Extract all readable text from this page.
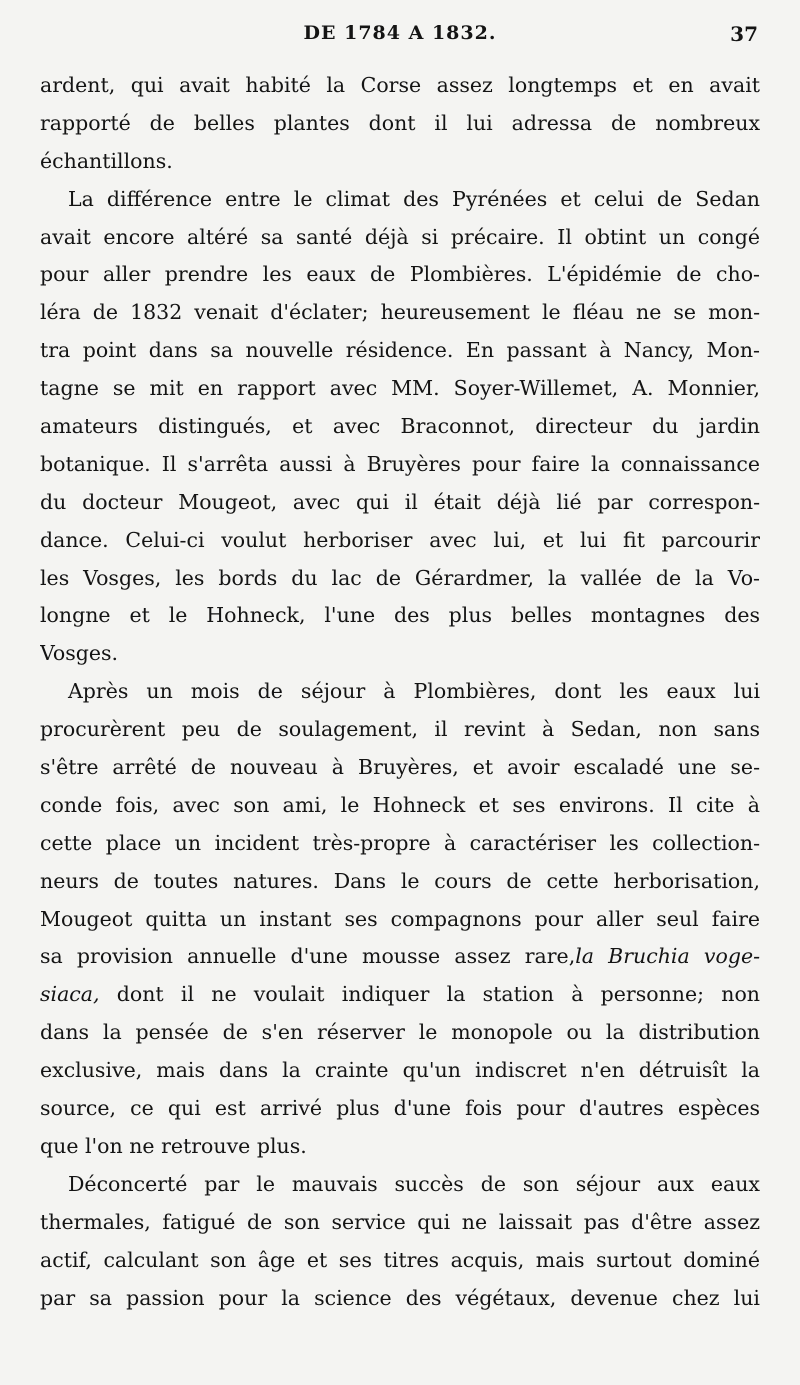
DE 1784 A 1832.	37
ardent, qui avait habité la Corse assez longtemps et en avait
rapporté de belles plantes dont il lui adressa de nombreux
échantillons.
La différence entre le climat des Pyrénées et celui de Sedan
avait encore altéré sa santé déjà si précaire. Il obtint un congé
pour aller prendre les eaux de Plombières. L'épidémie de cho-
léra de 1832 venait d'éclater; heureusement le fléau ne se mon-
tra point dans sa nouvelle résidence. En passant à Nancy, Mon-
tagne se mit en rapport avec MM. Soyer-Willemet, A. Monnier,
amateurs distingués, et avec Braconnot, directeur du jardin
botanique. Il s'arrêta aussi à Bruyères pour faire la connaissance
du docteur Mougeot, avec qui il était déjà lié par correspon-
dance. Celui-ci voulut herboriser avec lui, et lui fit parcourir
les Vosges, les bords du lac de Gérardmer, la vallée de la Vo-
longne et le Hohneck, l'une des plus belles montagnes des
Vosges.
Après un mois de séjour à Plombières, dont les eaux lui
procurèrent peu de soulagement, il revint à Sedan, non sans
s'être arrêté de nouveau à Bruyères, et avoir escaladé une se-
conde fois, avec son ami, le Hohneck et ses environs. Il cite à
cette place un incident très-propre à caractériser les collection-
neurs de toutes natures. Dans le cours de cette herborisation,
Mougeot quitta un instant ses compagnons pour aller seul faire
sa provision annuelle d'une mousse assez rare,la Bruchia voge-
siaca, dont il ne voulait indiquer la station à personne; non
dans la pensée de s'en réserver le monopole ou la distribution
exclusive, mais dans la crainte qu'un indiscret n'en détruisît la
source, ce qui est arrivé plus d'une fois pour d'autres espèces
que l'on ne retrouve plus.
Déconcerté par le mauvais succès de son séjour aux eaux
thermales, fatigué de son service qui ne laissait pas d'être assez
actif, calculant son âge et ses titres acquis, mais surtout dominé
par sa passion pour la science des végétaux, devenue chez lui
